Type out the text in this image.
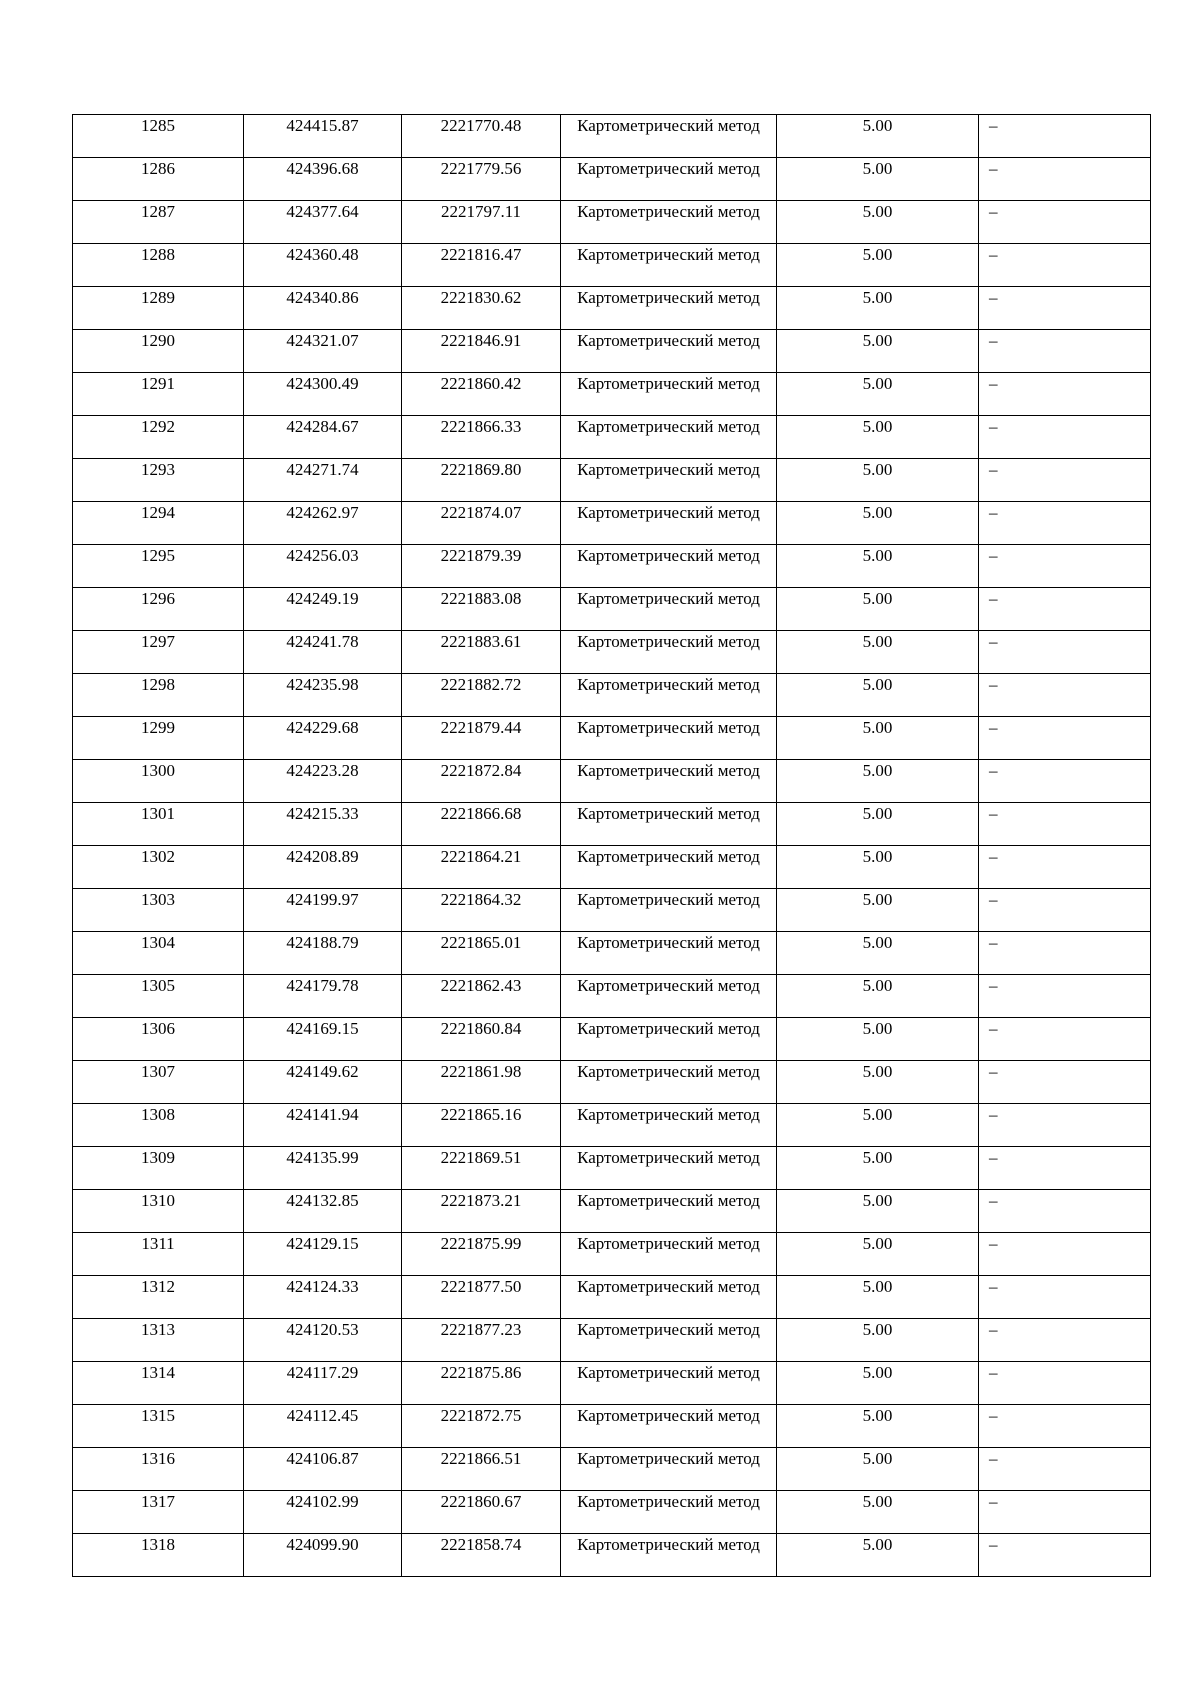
1285	424415.87	2221770.48	Картометрический метод	5.00	–
1286	424396.68	2221779.56	Картометрический метод	5.00	–
1287	424377.64	2221797.11	Картометрический метод	5.00	–
1288	424360.48	2221816.47	Картометрический метод	5.00	–
1289	424340.86	2221830.62	Картометрический метод	5.00	–
1290	424321.07	2221846.91	Картометрический метод	5.00	–
1291	424300.49	2221860.42	Картометрический метод	5.00	–
1292	424284.67	2221866.33	Картометрический метод	5.00	–
1293	424271.74	2221869.80	Картометрический метод	5.00	–
1294	424262.97	2221874.07	Картометрический метод	5.00	–
1295	424256.03	2221879.39	Картометрический метод	5.00	–
1296	424249.19	2221883.08	Картометрический метод	5.00	–
1297	424241.78	2221883.61	Картометрический метод	5.00	–
1298	424235.98	2221882.72	Картометрический метод	5.00	–
1299	424229.68	2221879.44	Картометрический метод	5.00	–
1300	424223.28	2221872.84	Картометрический метод	5.00	–
1301	424215.33	2221866.68	Картометрический метод	5.00	–
1302	424208.89	2221864.21	Картометрический метод	5.00	–
1303	424199.97	2221864.32	Картометрический метод	5.00	–
1304	424188.79	2221865.01	Картометрический метод	5.00	–
1305	424179.78	2221862.43	Картометрический метод	5.00	–
1306	424169.15	2221860.84	Картометрический метод	5.00	–
1307	424149.62	2221861.98	Картометрический метод	5.00	–
1308	424141.94	2221865.16	Картометрический метод	5.00	–
1309	424135.99	2221869.51	Картометрический метод	5.00	–
1310	424132.85	2221873.21	Картометрический метод	5.00	–
1311	424129.15	2221875.99	Картометрический метод	5.00	–
1312	424124.33	2221877.50	Картометрический метод	5.00	–
1313	424120.53	2221877.23	Картометрический метод	5.00	–
1314	424117.29	2221875.86	Картометрический метод	5.00	–
1315	424112.45	2221872.75	Картометрический метод	5.00	–
1316	424106.87	2221866.51	Картометрический метод	5.00	–
1317	424102.99	2221860.67	Картометрический метод	5.00	–
1318	424099.90	2221858.74	Картометрический метод	5.00	–
